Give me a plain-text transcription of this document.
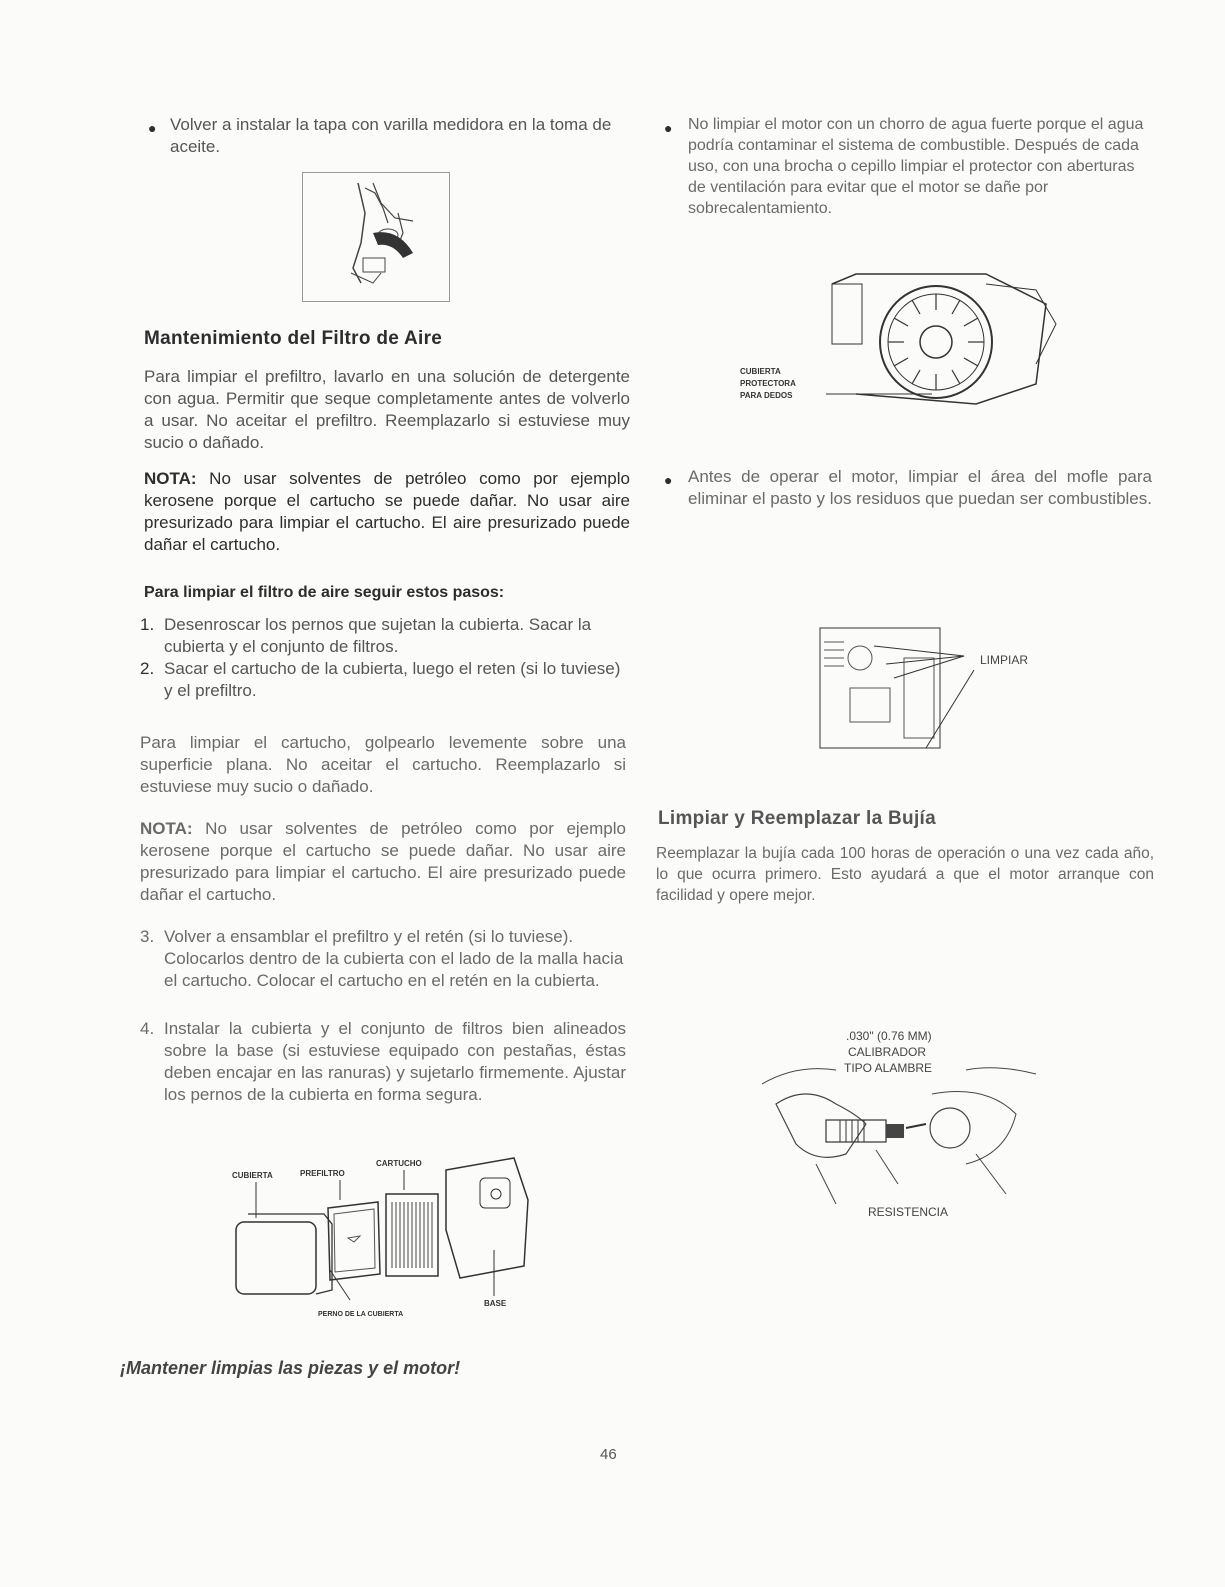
● Volver a instalar la tapa con varilla medidora en la toma de aceite.

Mantenimiento del Filtro de Aire

Para limpiar el prefiltro, lavarlo en una solución de detergente con agua. Permitir que seque completamente antes de volverlo a usar. No aceitar el prefiltro. Reemplazarlo si estuviese muy sucio o dañado.

NOTA: No usar solventes de petróleo como por ejemplo kerosene porque el cartucho se puede dañar. No usar aire presurizado para limpiar el cartucho. El aire presurizado puede dañar el cartucho.

Para limpiar el filtro de aire seguir estos pasos:

1. Desenroscar los pernos que sujetan la cubierta. Sacar la cubierta y el conjunto de filtros.
2. Sacar el cartucho de la cubierta, luego el reten (si lo tuviese) y el prefiltro.

Para limpiar el cartucho, golpearlo levemente sobre una superficie plana. No aceitar el cartucho. Reemplazarlo si estuviese muy sucio o dañado.

NOTA: No usar solventes de petróleo como por ejemplo kerosene porque el cartucho se puede dañar. No usar aire presurizado para limpiar el cartucho. El aire presurizado puede dañar el cartucho.

3. Volver a ensamblar el prefiltro y el retén (si lo tuviese). Colocarlos dentro de la cubierta con el lado de la malla hacia el cartucho. Colocar el cartucho en el retén en la cubierta.
4. Instalar la cubierta y el conjunto de filtros bien alineados sobre la base (si estuviese equipado con pestañas, éstas deben encajar en las ranuras) y sujetarlo firmemente. Ajustar los pernos de la cubierta en forma segura.
CUBIERTA	PREFILTRO
CARTUCHO
PERNO DE LA CUBIERTA
BASE

¡Mantener limpias las piezas y el motor!

● No limpiar el motor con un chorro de agua fuerte porque el agua podría contaminar el sistema de combustible. Después de cada uso, con una brocha o cepillo limpiar el protector con aberturas de ventilación para evitar que el motor se dañe por sobrecalentamiento.

CUBIERTA
PROTECTORA
PARA DEDOS
● Antes de operar el motor, limpiar el área del mofle para eliminar el pasto y los residuos que puedan ser combustibles.

LIMPIAR
Limpiar y Reemplazar la Bujía

Reemplazar la bujía cada 100 horas de operación o una vez cada año, lo que ocurra primero. Esto ayudará a que el motor arranque con facilidad y opere mejor.

.030" (0.76 MM)
CALIBRADOR
TIPO ALAMBRE
RESISTENCIA
46
